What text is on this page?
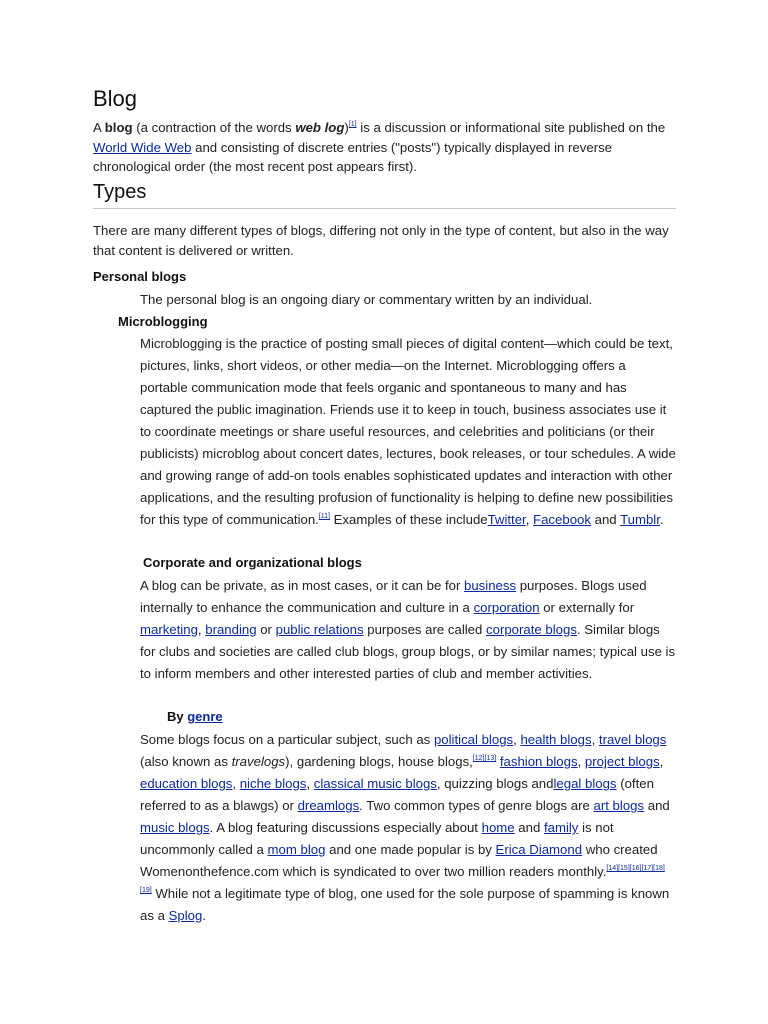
Blog

A blog (a contraction of the words web log)[1] is a discussion or informational site published on the World Wide Web and consisting of discrete entries ("posts") typically displayed in reverse chronological order (the most recent post appears first).

Types

There are many different types of blogs, differing not only in the type of content, but also in the way that content is delivered or written.

Personal blogs

The personal blog is an ongoing diary or commentary written by an individual.

Microblogging

Microblogging is the practice of posting small pieces of digital content—which could be text, pictures, links, short videos, or other media—on the Internet. Microblogging offers a portable communication mode that feels organic and spontaneous to many and has captured the public imagination. Friends use it to keep in touch, business associates use it to coordinate meetings or share useful resources, and celebrities and politicians (or their publicists) microblog about concert dates, lectures, book releases, or tour schedules. A wide and growing range of add-on tools enables sophisticated updates and interaction with other applications, and the resulting profusion of functionality is helping to define new possibilities for this type of communication.[11] Examples of these includeTwitter, Facebook and Tumblr.

Corporate and organizational blogs

A blog can be private, as in most cases, or it can be for business purposes. Blogs used internally to enhance the communication and culture in a corporation or externally for marketing, branding or public relations purposes are called corporate blogs. Similar blogs for clubs and societies are called club blogs, group blogs, or by similar names; typical use is to inform members and other interested parties of club and member activities.

By genre

Some blogs focus on a particular subject, such as political blogs, health blogs, travel blogs (also known as travelogs), gardening blogs, house blogs,[12][13] fashion blogs, project blogs, education blogs, niche blogs, classical music blogs, quizzing blogs andlegal blogs (often referred to as a blawgs) or dreamlogs. Two common types of genre blogs are art blogs and music blogs. A blog featuring discussions especially about home and family is not uncommonly called a mom blog and one made popular is by Erica Diamond who created Womenonthefence.com which is syndicated to over two million readers monthly.[14][15][16][17][18][19] While not a legitimate type of blog, one used for the sole purpose of spamming is known as a Splog.
